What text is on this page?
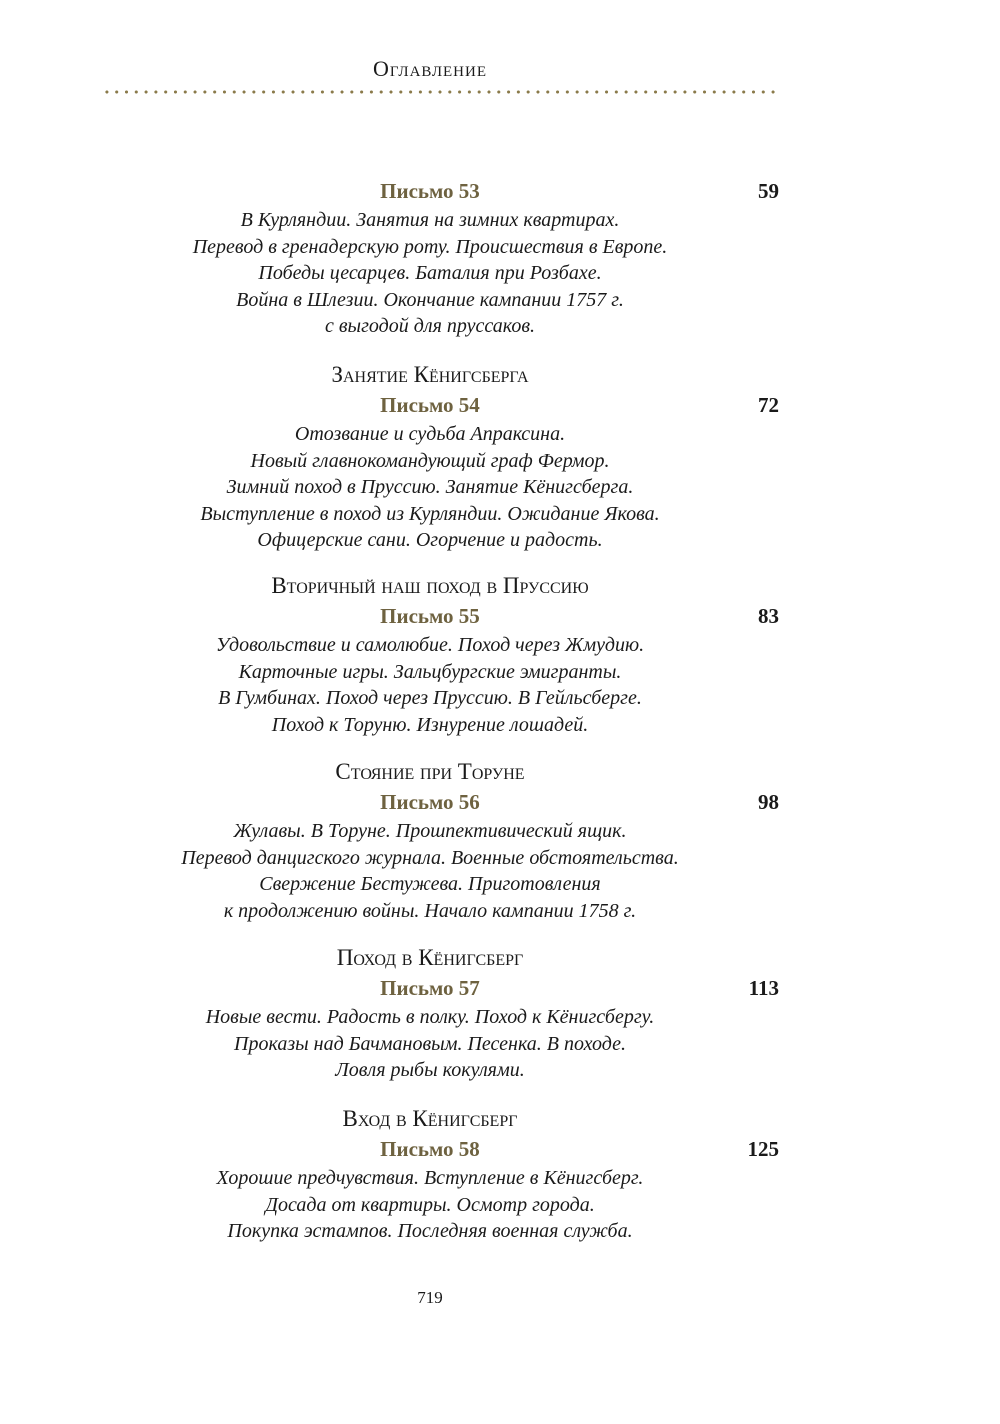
Оглавление
Письмо 53	59
В Курляндии. Занятия на зимних квартирах.
Перевод в гренадерскую роту. Происшествия в Европе.
Победы цесарцев. Баталия при Розбахе.
Война в Шлезии. Окончание кампании 1757 г.
с выгодой для пруссаков.
Занятие Кёнигсберга
Письмо 54	72
Отозвание и судьба Апраксина.
Новый главнокомандующий граф Фермор.
Зимний поход в Пруссию. Занятие Кёнигсберга.
Выступление в поход из Курляндии. Ожидание Якова.
Офицерские сани. Огорчение и радость.
Вторичный наш поход в Пруссию
Письмо 55	83
Удовольствие и самолюбие. Поход через Жмудию.
Карточные игры. Зальцбургские эмигранты.
В Гумбинах. Поход через Пруссию. В Гейльсберге.
Поход к Торуню. Изнурение лошадей.
Стояние при Торуне
Письмо 56	98
Жулавы. В Торуне. Прошпективический ящик.
Перевод данцигского журнала. Военные обстоятельства.
Свержение Бестужева. Приготовления
к продолжению войны. Начало кампании 1758 г.
Поход в Кёнигсберг
Письмо 57	113
Новые вести. Радость в полку. Поход к Кёнигсбергу.
Проказы над Бачмановым. Песенка. В походе.
Ловля рыбы кокулями.
Вход в Кёнигсберг
Письмо 58	125
Хорошие предчувствия. Вступление в Кёнигсберг.
Досада от квартиры. Осмотр города.
Покупка эстампов. Последняя военная служба.
719
